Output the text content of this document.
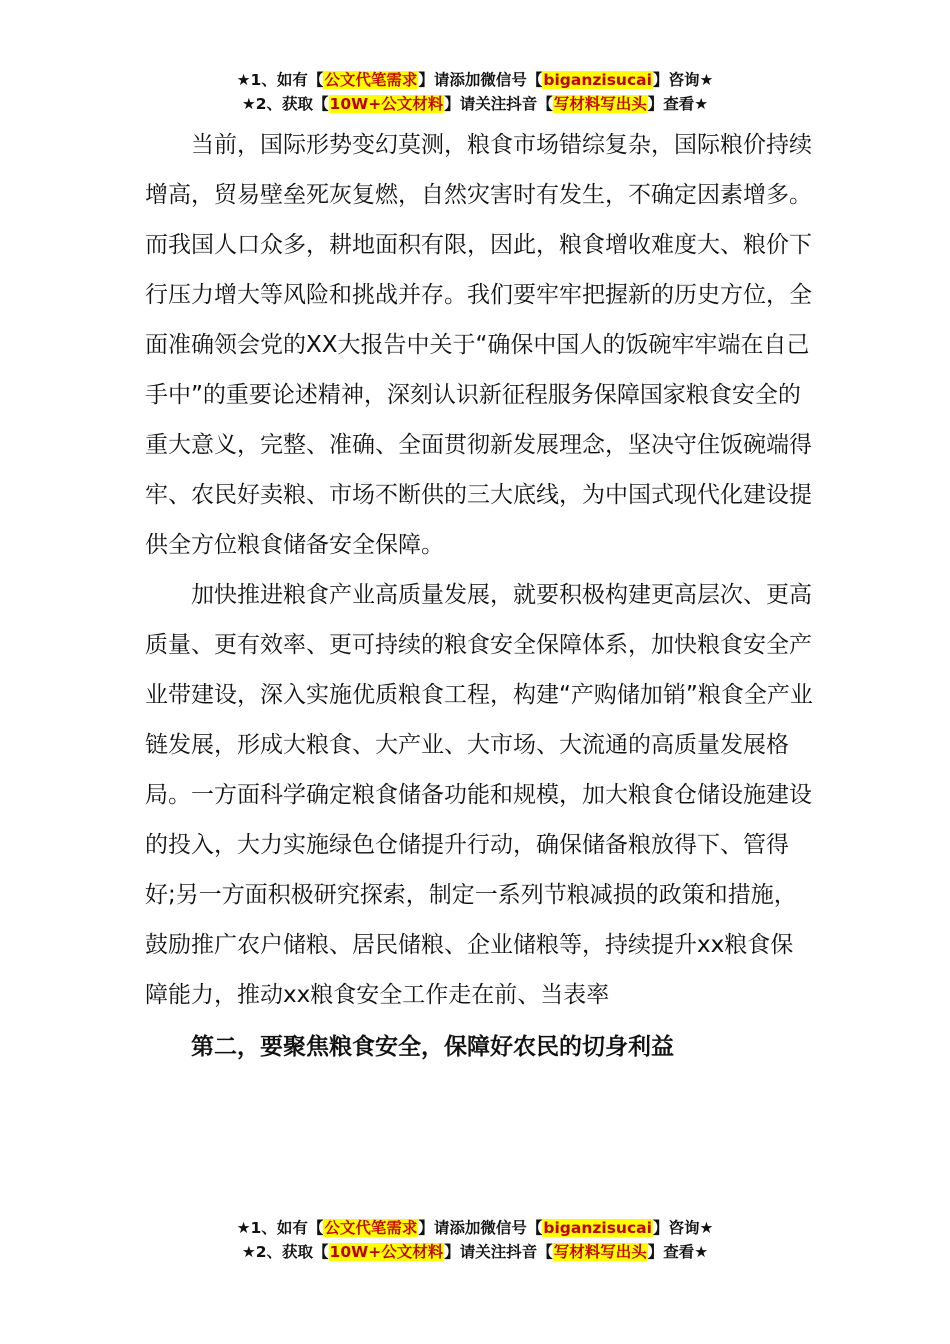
★1、如有【公文代笔需求】请添加微信号【biganzisucai】咨询★
★2、获取【10W+公文材料】请关注抖音【写材料写出头】查看★

当前，国际形势变幻莫测，粮食市场错综复杂，国际粮价持续增高，贸易壁垒死灰复燃，自然灾害时有发生，不确定因素增多。而我国人口众多，耕地面积有限，因此，粮食增收难度大、粮价下行压力增大等风险和挑战并存。我们要牢牢把握新的历史方位，全面准确领会党的XX大报告中关于“确保中国人的饭碗牢牢端在自己手中”的重要论述精神，深刻认识新征程服务保障国家粮食安全的重大意义，完整、准确、全面贯彻新发展理念，坚决守住饭碗端得牢、农民好卖粮、市场不断供的三大底线，为中国式现代化建设提供全方位粮食储备安全保障。

加快推进粮食产业高质量发展，就要积极构建更高层次、更高质量、更有效率、更可持续的粮食安全保障体系，加快粮食安全产业带建设，深入实施优质粮食工程，构建“产购储加销”粮食全产业链发展，形成大粮食、大产业、大市场、大流通的高质量发展格局。一方面科学确定粮食储备功能和规模，加大粮食仓储设施建设的投入，大力实施绿色仓储提升行动，确保储备粮放得下、管得好;另一方面积极研究探索，制定一系列节粮减损的政策和措施，鼓励推广农户储粮、居民储粮、企业储粮等，持续提升xx粮食保障能力，推动xx粮食安全工作走在前、当表率

第二，要聚焦粮食安全，保障好农民的切身利益

★1、如有【公文代笔需求】请添加微信号【biganzisucai】咨询★
★2、获取【10W+公文材料】请关注抖音【写材料写出头】查看★
